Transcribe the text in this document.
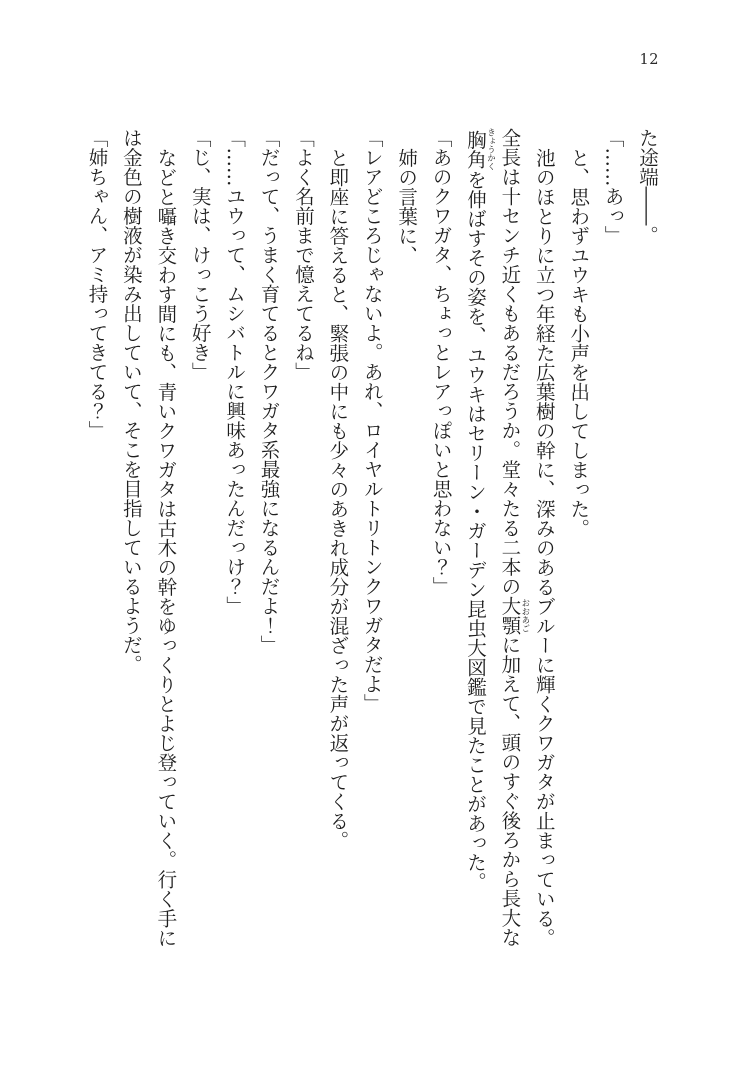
12

た途端――。

「……あっ」

と、思わずユウキも小声を出してしまった。

池のほとりに立つ年経た広葉樹の幹に、深みのあるブルーに輝くクワガタが止まっている。全長は十センチ近くもあるだろうか。堂々たる二本の大顎おおあごに加えて、頭のすぐ後ろから長大な胸角きょうかくを伸ばすその姿を、ユウキはセリーン・ガーデン昆虫大図鑑で見たことがあった。

「あのクワガタ、ちょっとレアっぽいと思わない？」

姉の言葉に、

「レアどころじゃないよ。あれ、ロイヤルトリトンクワガタだよ」

と即座に答えると、緊張の中にも少々のあきれ成分が混ざった声が返ってくる。

「よく名前まで憶えてるね」

「だって、うまく育てるとクワガタ系最強になるんだよ！」

「……ユウって、ムシバトルに興味あったんだっけ？」

「じ、実は、けっこう好き」

などと囁き交わす間にも、青いクワガタは古木の幹をゆっくりとよじ登っていく。行く手には金色の樹液が染み出していて、そこを目指しているようだ。

「姉ちゃん、アミ持ってきてる？」
